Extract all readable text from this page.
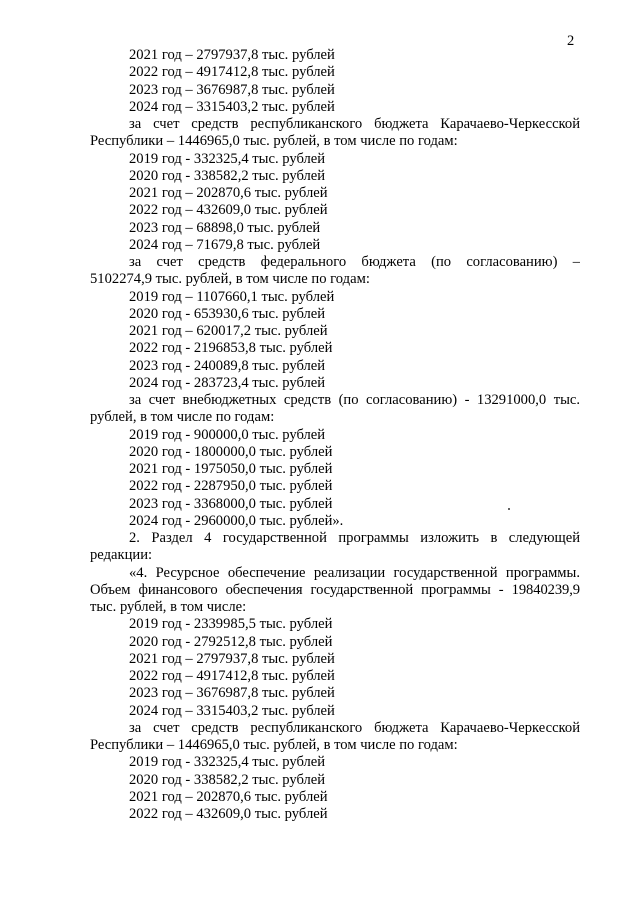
2
2021 год – 2797937,8 тыс. рублей
2022 год – 4917412,8 тыс. рублей
2023 год – 3676987,8 тыс. рублей
2024 год – 3315403,2 тыс. рублей
за счет средств республиканского бюджета Карачаево-Черкесской
Республики – 1446965,0 тыс. рублей, в том числе по годам:
2019 год - 332325,4 тыс. рублей
2020 год - 338582,2 тыс. рублей
2021 год – 202870,6 тыс. рублей
2022 год – 432609,0 тыс. рублей
2023 год – 68898,0 тыс. рублей
2024 год – 71679,8 тыс. рублей
за счет средств федерального бюджета (по согласованию) –
5102274,9 тыс. рублей, в том числе по годам:
2019 год – 1107660,1 тыс. рублей
2020 год - 653930,6 тыс. рублей
2021 год – 620017,2 тыс. рублей
2022 год - 2196853,8 тыс. рублей
2023 год - 240089,8 тыс. рублей
2024 год - 283723,4 тыс. рублей
за счет внебюджетных средств (по согласованию) - 13291000,0 тыс.
рублей, в том числе по годам:
2019 год - 900000,0 тыс. рублей
2020 год - 1800000,0 тыс. рублей
2021 год - 1975050,0 тыс. рублей
2022 год - 2287950,0 тыс. рублей
2023 год - 3368000,0 тыс. рублей
2024 год - 2960000,0 тыс. рублей».
2. Раздел 4 государственной программы изложить в следующей
редакции:
«4. Ресурсное обеспечение реализации государственной программы.
Объем финансового обеспечения государственной программы - 19840239,9
тыс. рублей, в том числе:
2019 год - 2339985,5 тыс. рублей
2020 год - 2792512,8 тыс. рублей
2021 год – 2797937,8 тыс. рублей
2022 год – 4917412,8 тыс. рублей
2023 год – 3676987,8 тыс. рублей
2024 год – 3315403,2 тыс. рублей
за счет средств республиканского бюджета Карачаево-Черкесской
Республики – 1446965,0 тыс. рублей, в том числе по годам:
2019 год - 332325,4 тыс. рублей
2020 год - 338582,2 тыс. рублей
2021 год – 202870,6 тыс. рублей
2022 год – 432609,0 тыс. рублей
